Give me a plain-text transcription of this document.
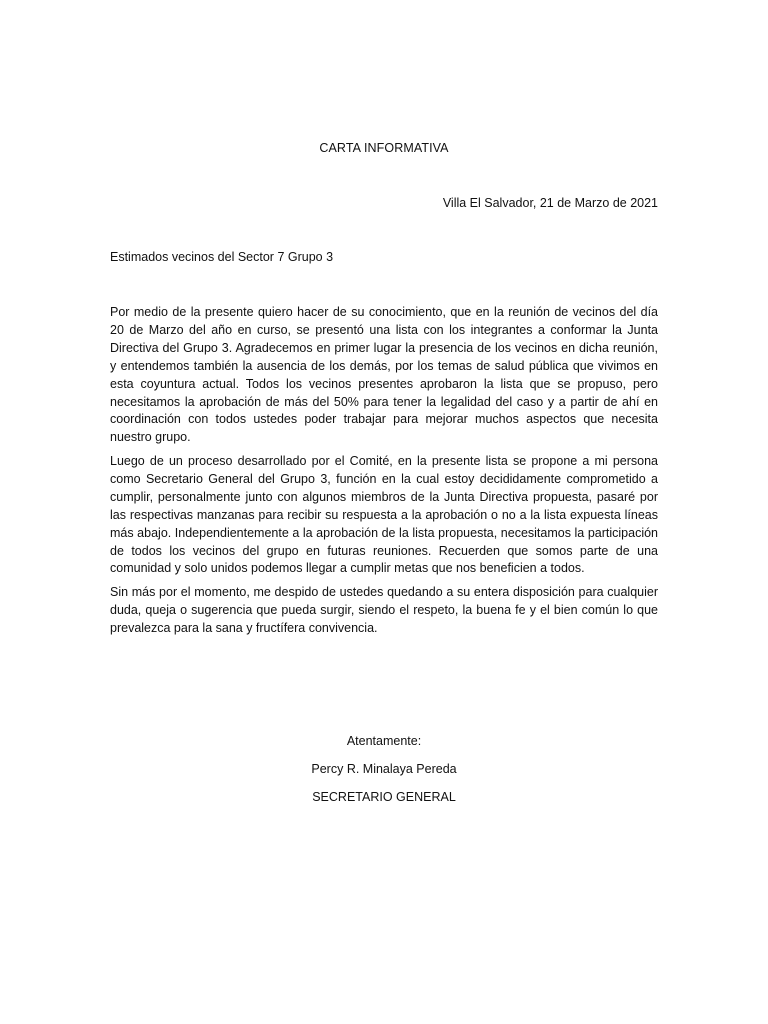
CARTA INFORMATIVA
Villa El Salvador, 21 de Marzo de 2021
Estimados vecinos del Sector 7 Grupo 3
Por medio de la presente quiero hacer de su conocimiento, que en la reunión de vecinos del día 20 de Marzo del año en curso, se presentó una lista con los integrantes a conformar la Junta Directiva del Grupo 3. Agradecemos en primer lugar la presencia de los vecinos en dicha reunión, y entendemos también la ausencia de los demás, por los temas de salud pública que vivimos en esta coyuntura actual. Todos los vecinos presentes aprobaron la lista que se propuso, pero necesitamos la aprobación de más del 50% para tener la legalidad del caso y a partir de ahí en coordinación con todos ustedes poder trabajar para mejorar muchos aspectos que necesita nuestro grupo.
Luego de un proceso desarrollado por el Comité, en la presente lista se propone a mi persona como Secretario General del Grupo 3, función en la cual estoy decididamente comprometido a cumplir, personalmente junto con algunos miembros de la Junta Directiva propuesta, pasaré por las respectivas manzanas para recibir su respuesta a la aprobación o no a la lista expuesta líneas más abajo. Independientemente a la aprobación de la lista propuesta, necesitamos la participación de todos los vecinos del grupo en futuras reuniones. Recuerden que somos parte de una comunidad y solo unidos podemos llegar a cumplir metas que nos beneficien a todos.
Sin más por el momento, me despido de ustedes quedando a su entera disposición para cualquier duda, queja o sugerencia que pueda surgir, siendo el respeto, la buena fe y el bien común lo que prevalezca para la sana y fructífera convivencia.
Atentamente:
Percy R. Minalaya Pereda
SECRETARIO GENERAL
